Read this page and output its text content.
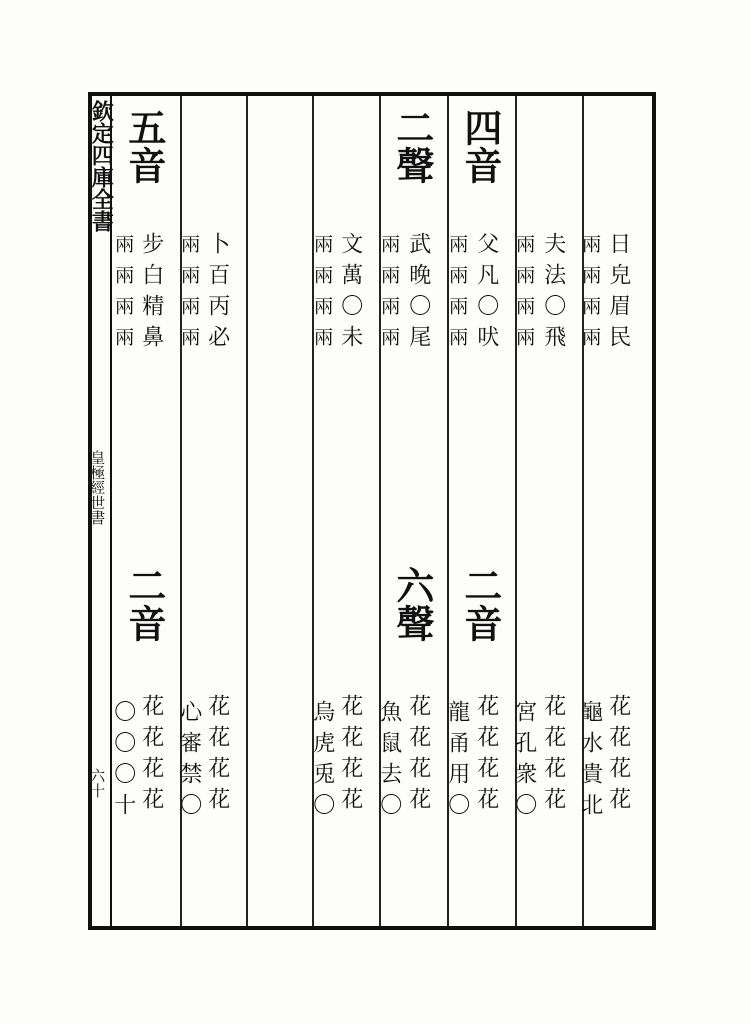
欽定四庫全書
皇極經世書
六十
日皃眉民
兩兩兩兩
花花花花
龜水貴北
夫法〇飛
兩兩兩兩
花花花花
宮孔衆〇
四音
父凡〇吠
兩兩兩兩
二音
花花花花
龍甬用〇
二聲
武晚〇尾
兩兩兩兩
六聲
花花花花
魚鼠去〇
文萬〇未
兩兩兩兩
花花花花
烏虎兎〇
卜百丙必
兩兩兩兩
花花花花
心審禁〇
五音
步白精鼻
兩兩兩兩
二音
花花花花
〇〇〇十
